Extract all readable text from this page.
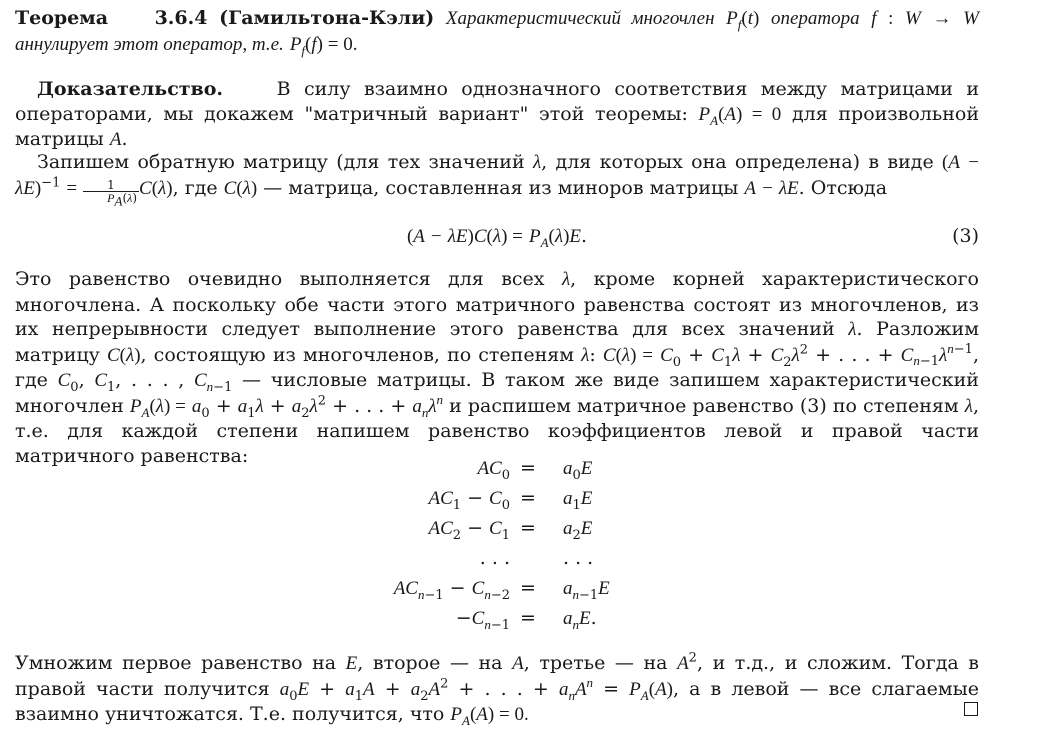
Теорема 3.6.4 (Гамильтона-Кэли) Характеристический многочлен $P_f(t)$ оператора f : W → W аннулирует этот оператор, т.е. $P_f(f) = 0$.
Доказательство.	В силу взаимно однозначного соответствия между матрицами и операторами, мы докажем "матричный вариант" этой теоремы: $P_A(A) = 0$ для произвольной матрицы A.
Запишем обратную матрицу (для тех значений λ, для которых она определена) в виде $(A - \lambda E)^{-1} = \frac{1}{P_A(\lambda)} C(\lambda)$, где C(λ) — матрица, составленная из миноров матрицы A − λE. Отсюда
$(A - \lambda E)C(\lambda) = P_A(\lambda)E$.	(3)
Это равенство очевидно выполняется для всех λ, кроме корней характеристического многочлена. А поскольку обе части этого матричного равенства состоят из многочленов, из их непрерывности следует выполнение этого равенства для всех значений λ. Разложим матрицу C(λ), состоящую из многочленов, по степеням λ: $C(\lambda) = C_0 + C_1\lambda + C_2\lambda^2$ + . . . + $C_{n-1}\lambda^{n-1}$, где $C_0$, $C_1$, . . . , $C_{n-1}$ — числовые матрицы. В таком же виде запишем характеристический многочлен $P_A(\lambda) = a_0 + a_1\lambda + a_2\lambda^2$ + . . . + $a_n\lambda^n$ и распишем матричное равенство (3) по степеням λ, т.е. для каждой степени напишем равенство коэффициентов левой и правой части матричного равенства:
$AC_0 = a_0E$
$AC_1 - C_0 = a_1E$
$AC_2 - C_1 = a_2E$
. . .	. . .
$AC_{n-1} - C_{n-2} = a_{n-1}E$
$-C_{n-1} = a_nE$.
Умножим первое равенство на E, второе — на A, третье — на $A^2$, и т.д., и сложим. Тогда в правой части получится $a_0E + a_1A + a_2A^2$ + . . . + $a_nA^n = P_A(A)$, а в левой — все слагаемые взаимно уничтожатся. Т.е. получится, что $P_A(A) = 0$.
